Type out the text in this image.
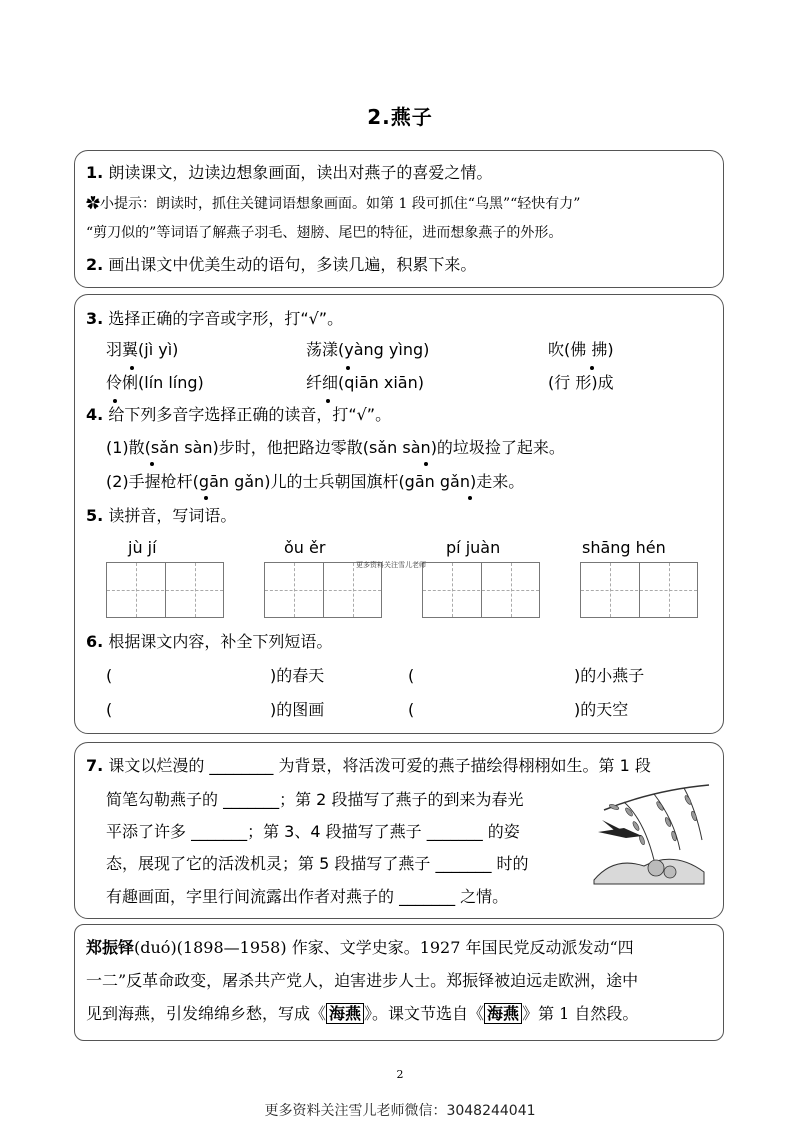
2.燕子
1. 朗读课文，边读边想象画面，读出对燕子的喜爱之情。
✿小提示：朗读时，抓住关键词语想象画面。如第 1 段可抓住“乌黑”“轻快有力”
“剪刀似的”等词语了解燕子羽毛、翅膀、尾巴的特征，进而想象燕子的外形。
2. 画出课文中优美生动的语句，多读几遍，积累下来。
3. 选择正确的字音或字形，打“√”。
羽翼(jì yì)	荡漾(yàng yìng)	吹(佛 拂)
伶俐(lín líng)	纤细(qiān xiān)	(行 形)成
4. 给下列多音字选择正确的读音，打“√”。
(1)散(sǎn sàn)步时，他把路边零散(sǎn sàn)的垃圾捡了起来。
(2)手握枪杆(gān gǎn)儿的士兵朝国旗杆(gān gǎn)走来。
5. 读拼音，写词语。
jù jí	ǒu ěr	pí juàn	shāng hén
更多资料关注雪儿老师
6. 根据课文内容，补全下列短语。
(	)的春天	(	)的小燕子
(	)的图画	(	)的天空
7. 课文以烂漫的 ________ 为背景，将活泼可爱的燕子描绘得栩栩如生。第 1 段
简笔勾勒燕子的 _______；第 2 段描写了燕子的到来为春光
平添了许多 _______；第 3、4 段描写了燕子 _______ 的姿
态，展现了它的活泼机灵；第 5 段描写了燕子 _______ 时的
有趣画面，字里行间流露出作者对燕子的 _______ 之情。
郑振铎(duó)(1898—1958) 作家、文学史家。1927 年国民党反动派发动“四
一二”反革命政变，屠杀共产党人，迫害进步人士。郑振铎被迫远走欧洲，途中
见到海燕，引发绵绵乡愁，写成《 海燕 》。课文节选自《 海燕 》第 1 自然段。
2
更多资料关注雪儿老师微信：3048244041
